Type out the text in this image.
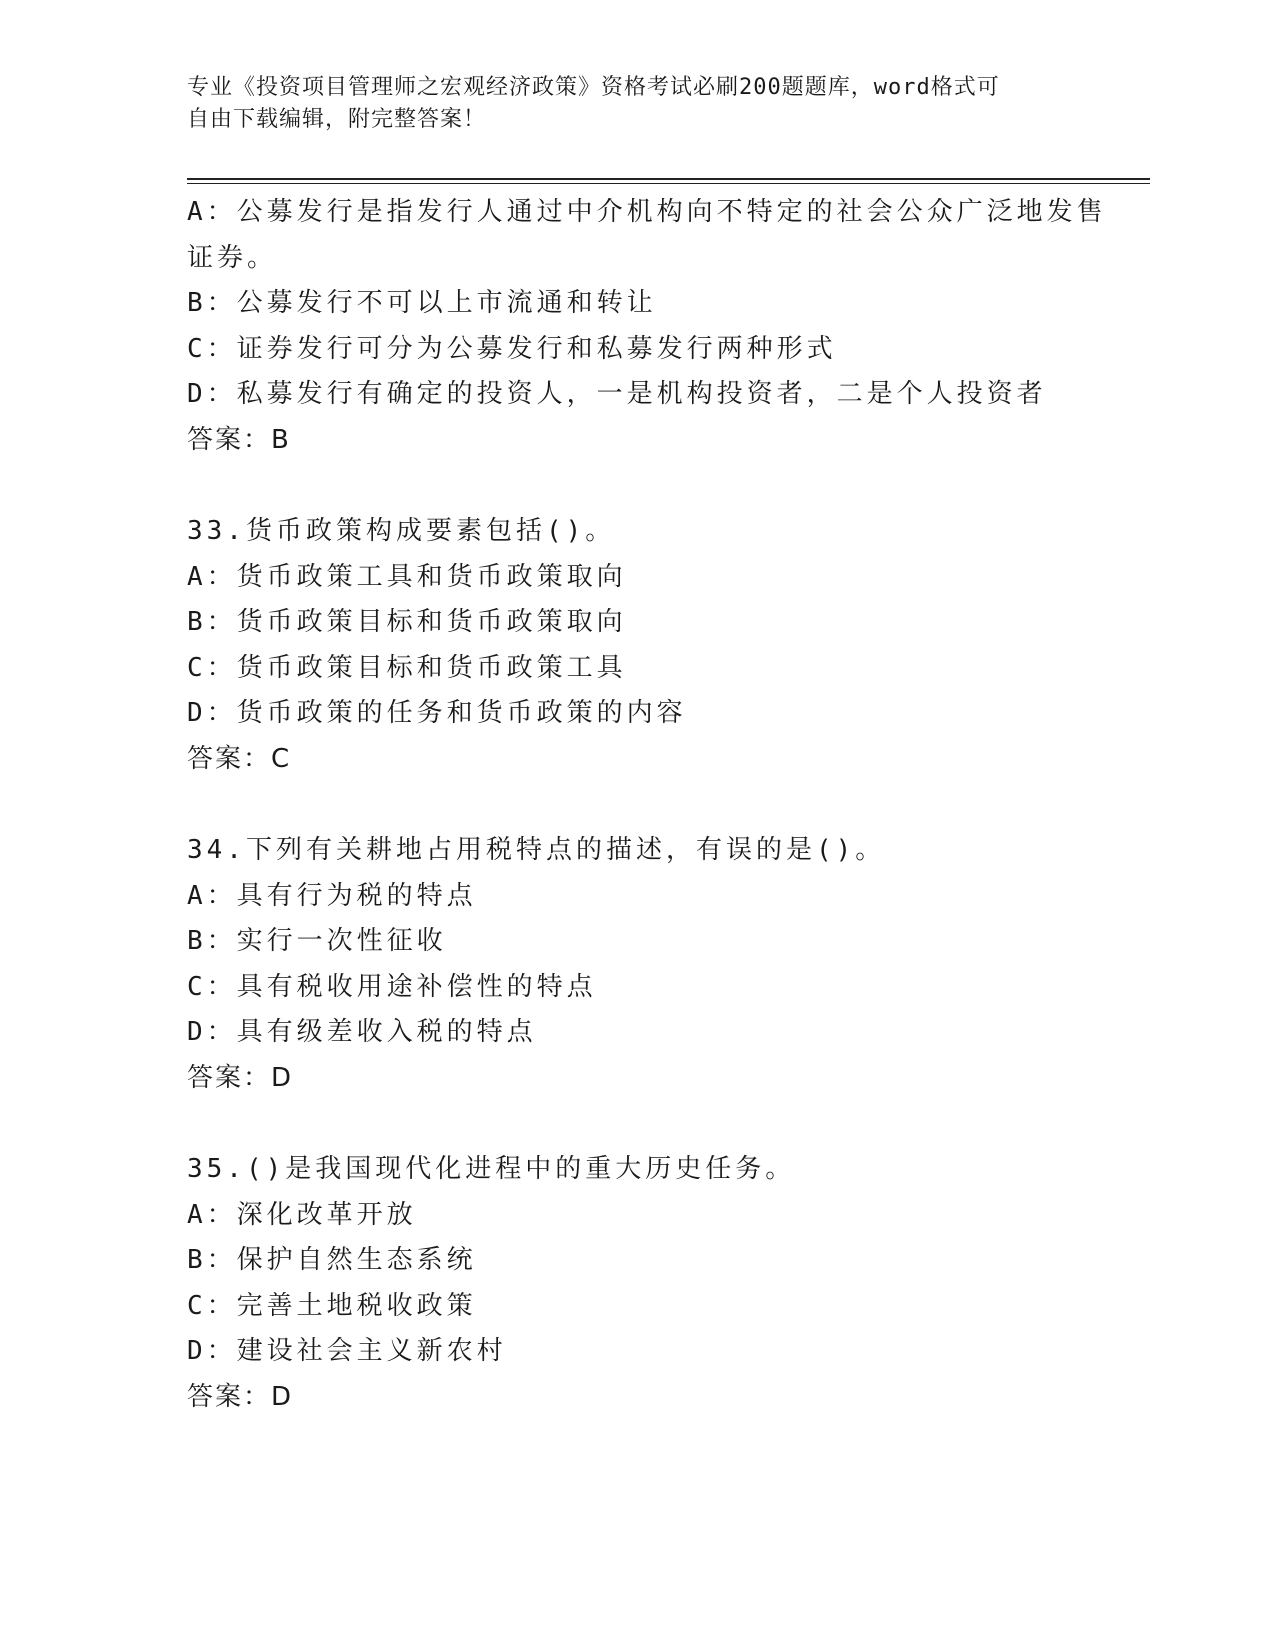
专业《投资项目管理师之宏观经济政策》资格考试必刷200题题库，word格式可

自由下载编辑，附完整答案！

A：公募发行是指发行人通过中介机构向不特定的社会公众广泛地发售

证券。

B：公募发行不可以上市流通和转让

C：证券发行可分为公募发行和私募发行两种形式

D：私募发行有确定的投资人，一是机构投资者，二是个人投资者

答案：B

33.货币政策构成要素包括()。

A：货币政策工具和货币政策取向

B：货币政策目标和货币政策取向

C：货币政策目标和货币政策工具

D：货币政策的任务和货币政策的内容

答案：C

34.下列有关耕地占用税特点的描述，有误的是()。

A：具有行为税的特点

B：实行一次性征收

C：具有税收用途补偿性的特点

D：具有级差收入税的特点

答案：D

35.()是我国现代化进程中的重大历史任务。

A：深化改革开放

B：保护自然生态系统

C：完善土地税收政策

D：建设社会主义新农村

答案：D
